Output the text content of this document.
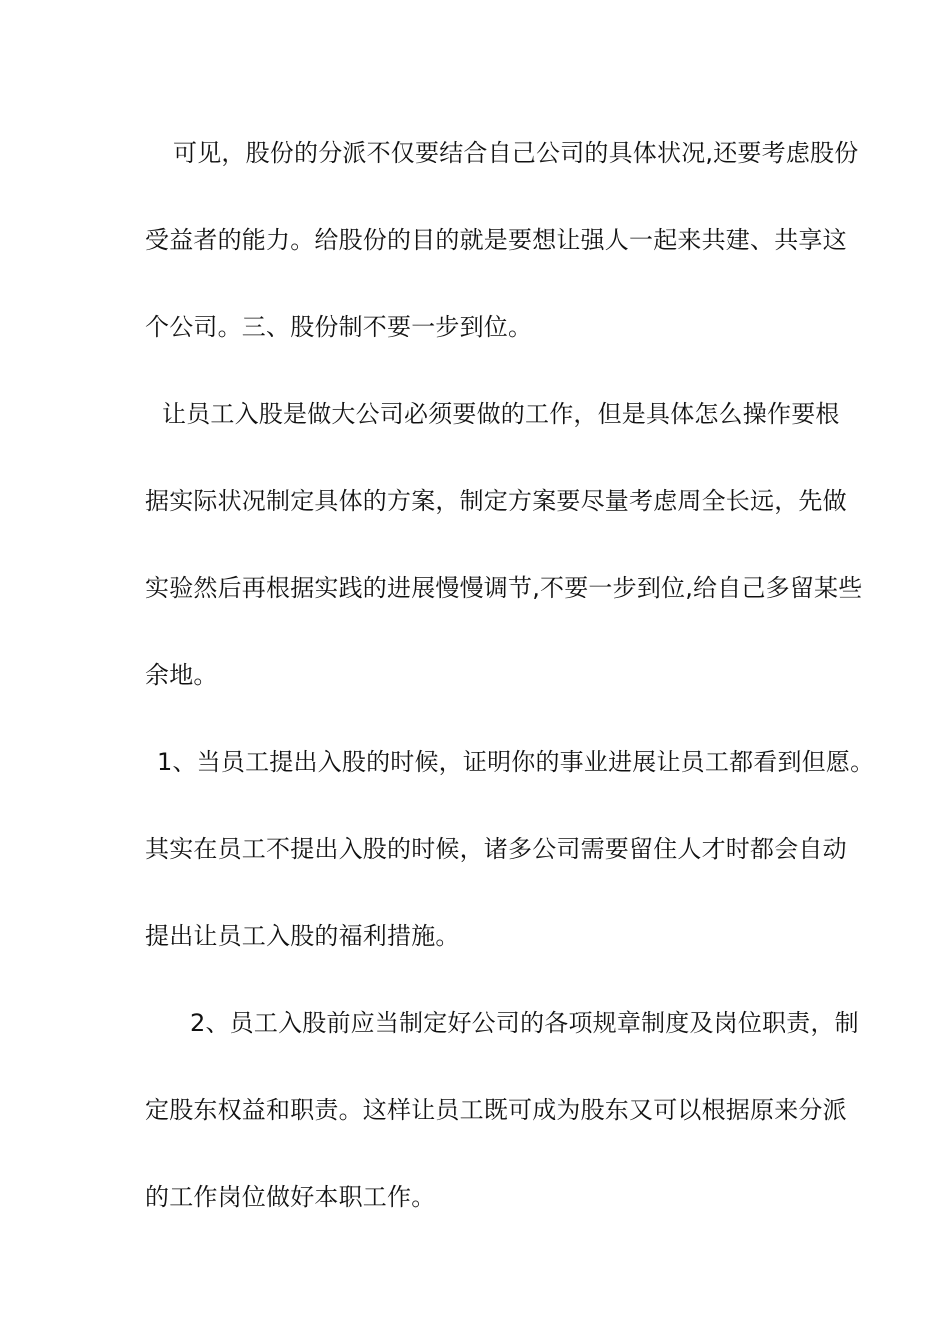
可见，股份的分派不仅要结合自己公司的具体状况,还要考虑股份
受益者的能力。给股份的目的就是要想让强人一起来共建、共享这
个公司。三、股份制不要一步到位。
让员工入股是做大公司必须要做的工作，但是具体怎么操作要根
据实际状况制定具体的方案，制定方案要尽量考虑周全长远，先做
实验然后再根据实践的进展慢慢调节,不要一步到位,给自己多留某些
余地。
1、当员工提出入股的时候，证明你的事业进展让员工都看到但愿。
其实在员工不提出入股的时候，诸多公司需要留住人才时都会自动
提出让员工入股的福利措施。
2、员工入股前应当制定好公司的各项规章制度及岗位职责，制
定股东权益和职责。这样让员工既可成为股东又可以根据原来分派
的工作岗位做好本职工作。
